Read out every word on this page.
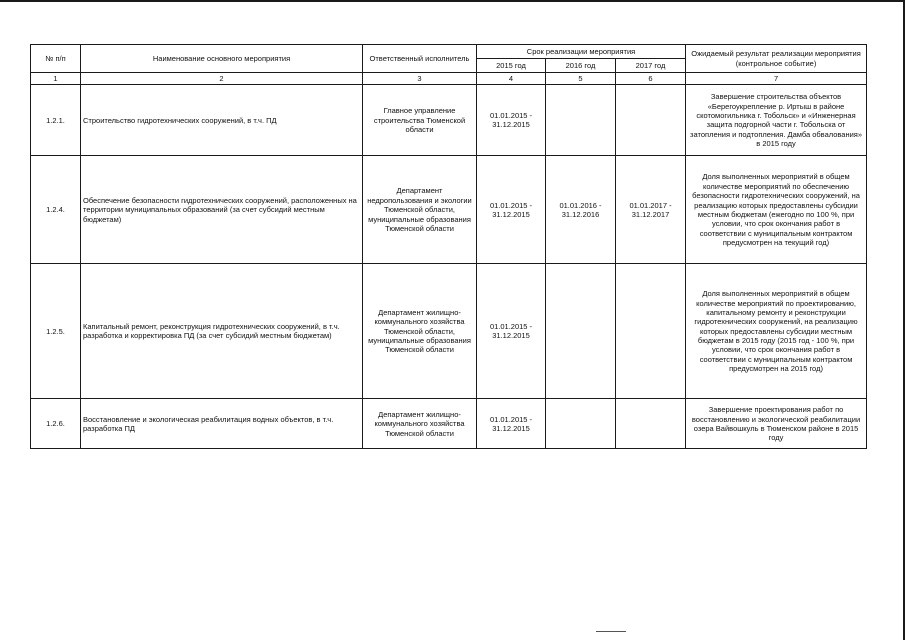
№ п/п	Наименование основного мероприятия	Ответственный исполнитель	Срок реализации мероприятия			Ожидаемый результат реализации мероприятия (контрольное событие)
			2015 год	2016 год	2017 год	
1	2	3	4	5	6	7
1.2.1.	Строительство гидротехнических сооружений, в т.ч. ПД	Главное управление строительства Тюменской области	01.01.2015 - 31.12.2015			Завершение строительства объектов «Берегоукрепление р. Иртыш в районе скотомогильника г. Тобольск» и «Инженерная защита подгорной части г. Тобольска от затопления и подтопления. Дамба обвалования» в 2015 году
1.2.4.	Обеспечение безопасности гидротехнических сооружений, расположенных на территории муниципальных образований (за счет субсидий местным бюджетам)	Департамент недропользования и экологии Тюменской области, муниципальные образования Тюменской области	01.01.2015 - 31.12.2015	01.01.2016 - 31.12.2016	01.01.2017 - 31.12.2017	Доля выполненных мероприятий в общем количестве мероприятий по обеспечению безопасности гидротехнических сооружений, на реализацию которых предоставлены субсидии местным бюджетам (ежегодно по 100 %, при условии, что срок окончания работ в соответствии с муниципальным контрактом предусмотрен на текущий год)
1.2.5.	Капитальный ремонт, реконструкция гидротехнических сооружений, в т.ч. разработка и корректировка ПД (за счет субсидий местным бюджетам)	Департамент жилищно-коммунального хозяйства Тюменской области, муниципальные образования Тюменской области	01.01.2015 - 31.12.2015			Доля выполненных мероприятий в общем количестве мероприятий по проектированию, капитальному ремонту и реконструкции гидротехнических сооружений, на реализацию которых предоставлены субсидии местным бюджетам в 2015 году (2015 год - 100 %, при условии, что срок окончания работ в соответствии с муниципальным контрактом предусмотрен на 2015 год)
1.2.6.	Восстановление и экологическая реабилитация водных объектов, в т.ч. разработка ПД	Департамент жилищно-коммунального хозяйства Тюменской области	01.01.2015 - 31.12.2015			Завершение проектирования работ по восстановлению и экологической реабилитации озера Вайвошкуль в Тюменском районе в 2015 году
